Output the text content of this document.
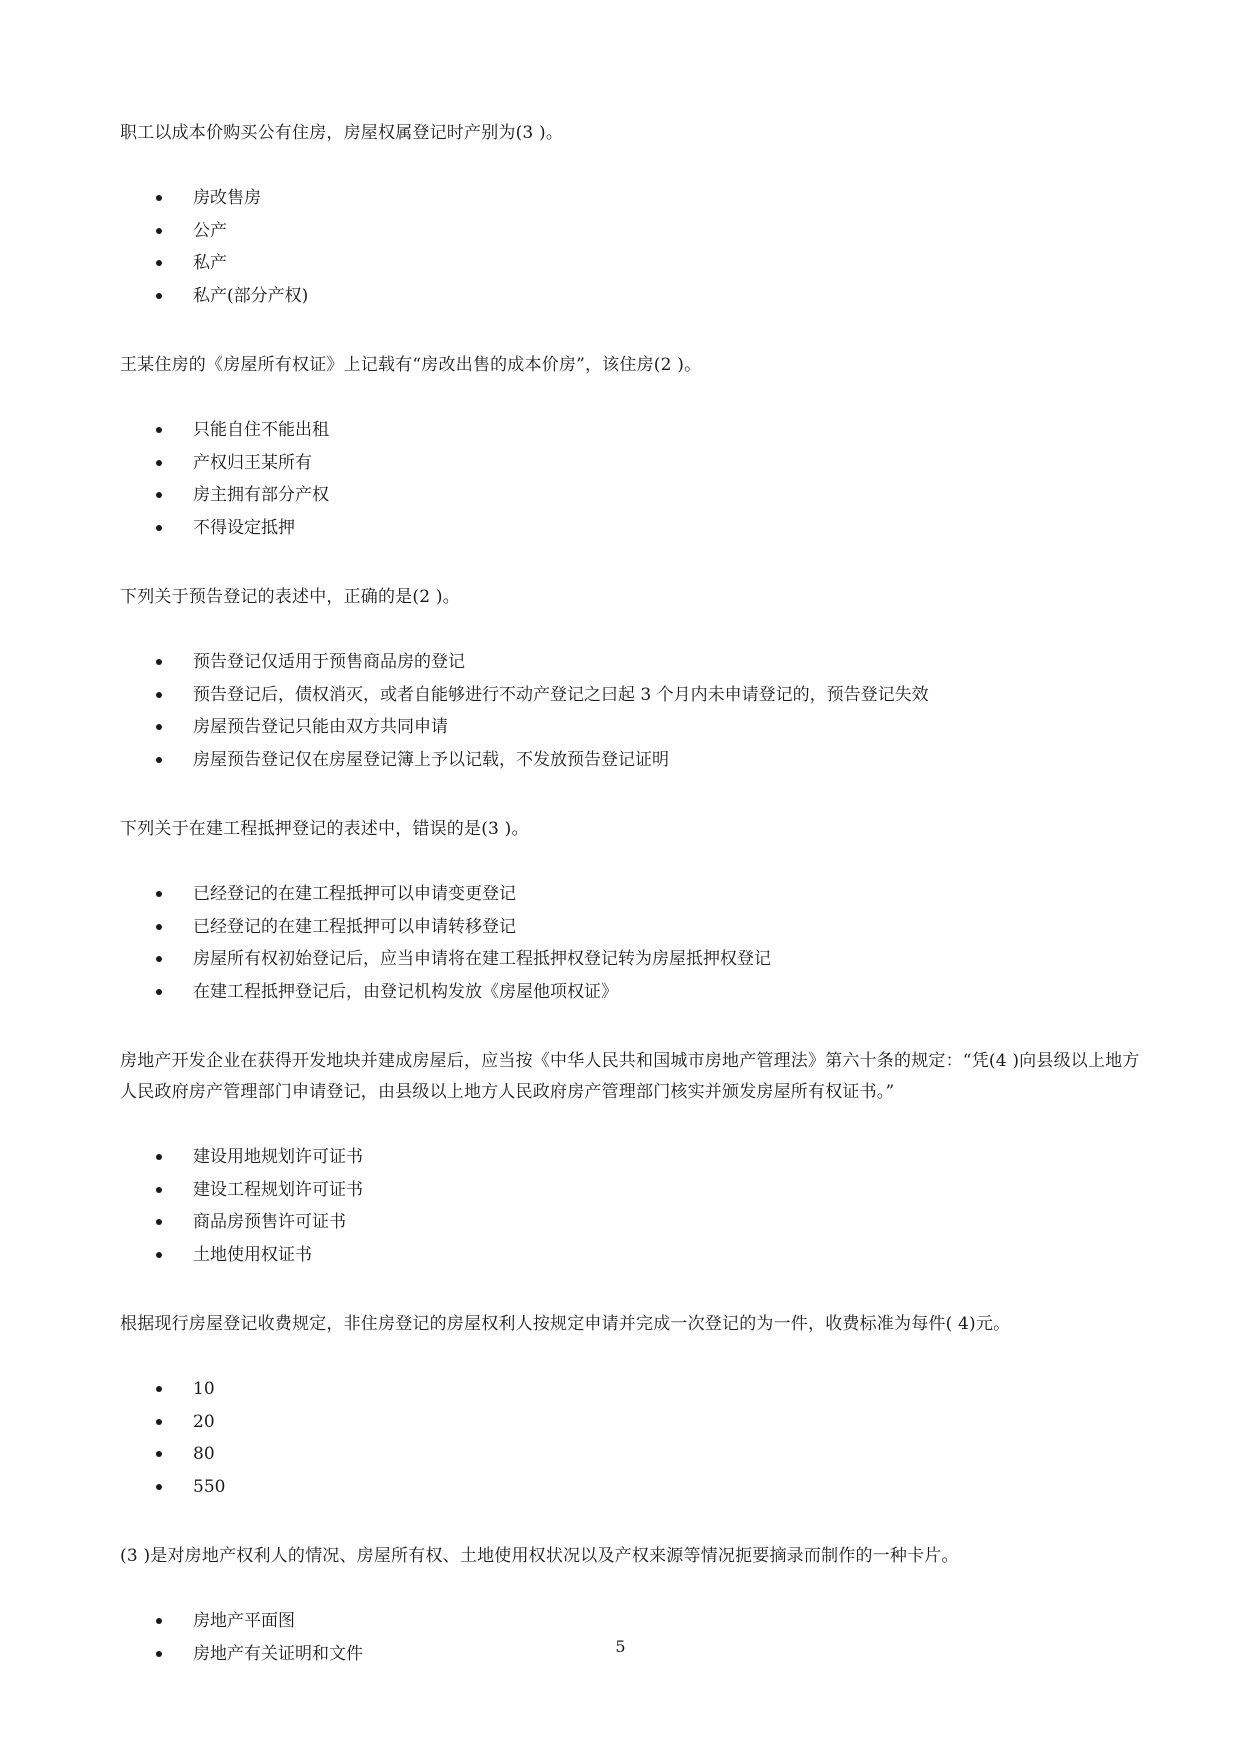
职工以成本价购买公有住房，房屋权属登记时产别为(3 )。

房改售房
公产
私产
私产(部分产权)

王某住房的《房屋所有权证》上记载有“房改出售的成本价房”，该住房(2 )。

只能自住不能出租
产权归王某所有
房主拥有部分产权
不得设定抵押

下列关于预告登记的表述中，正确的是(2 )。

预告登记仅适用于预售商品房的登记
预告登记后，债权消灭，或者自能够进行不动产登记之曰起 3 个月内未申请登记的，预告登记失效
房屋预告登记只能由双方共同申请
房屋预告登记仅在房屋登记簿上予以记载，不发放预告登记证明

下列关于在建工程抵押登记的表述中，错误的是(3 )。

已经登记的在建工程抵押可以申请变更登记
已经登记的在建工程抵押可以申请转移登记
房屋所有权初始登记后，应当申请将在建工程抵押权登记转为房屋抵押权登记
在建工程抵押登记后，由登记机构发放《房屋他项权证》

房地产开发企业在获得开发地块并建成房屋后，应当按《中华人民共和国城市房地产管理法》第六十条的规定：“凭(4 )向县级以上地方人民政府房产管理部门申请登记，由县级以上地方人民政府房产管理部门核实并颁发房屋所有权证书。”

建设用地规划许可证书
建设工程规划许可证书
商品房预售许可证书
土地使用权证书

根据现行房屋登记收费规定，非住房登记的房屋权利人按规定申请并完成一次登记的为一件，收费标准为每件( 4)元。

10
20
80
550

(3 )是对房地产权利人的情况、房屋所有权、土地使用权状况以及产权来源等情况扼要摘录而制作的一种卡片。

房地产平面图
房地产有关证明和文件	5
